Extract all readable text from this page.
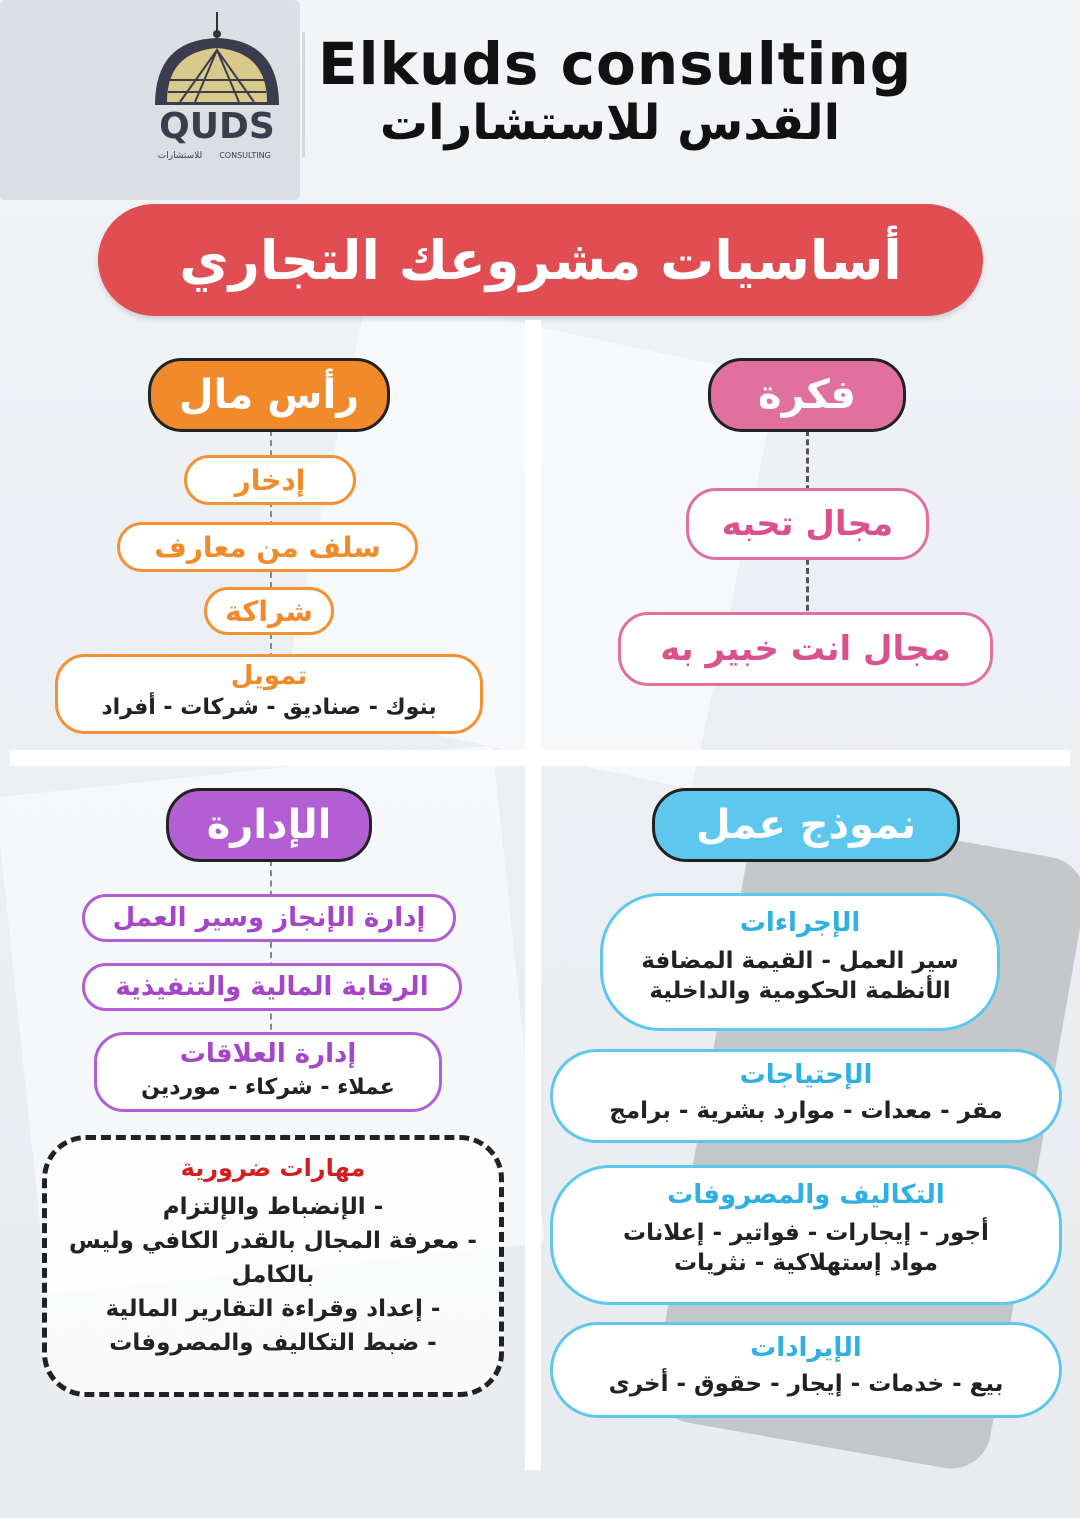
QUDS
للاستشارات CONSULTING
Elkuds consulting
القدس للاستشارات
أساسيات مشروعك التجاري
رأس مال
إدخار
سلف من معارف
شراكة
تمويل
بنوك - صناديق - شركات - أفراد
فكرة
مجال تحبه
مجال انت خبير به
الإدارة
إدارة الإنجاز وسير العمل
الرقابة المالية والتنفيذية
إدارة العلاقات
عملاء - شركاء - موردين
مهارات ضرورية
- الإنضباط والإلتزام
- معرفة المجال بالقدر الكافي وليس
بالكامل
- إعداد وقراءة التقارير المالية
- ضبط التكاليف والمصروفات
نموذج عمل
الإجراءات
سير العمل - القيمة المضافة
الأنظمة الحكومية والداخلية
الإحتياجات
مقر - معدات - موارد بشرية - برامج
التكاليف والمصروفات
أجور - إيجارات - فواتير - إعلانات
مواد إستهلاكية - نثريات
الإيرادات
بيع - خدمات - إيجار - حقوق - أخرى
